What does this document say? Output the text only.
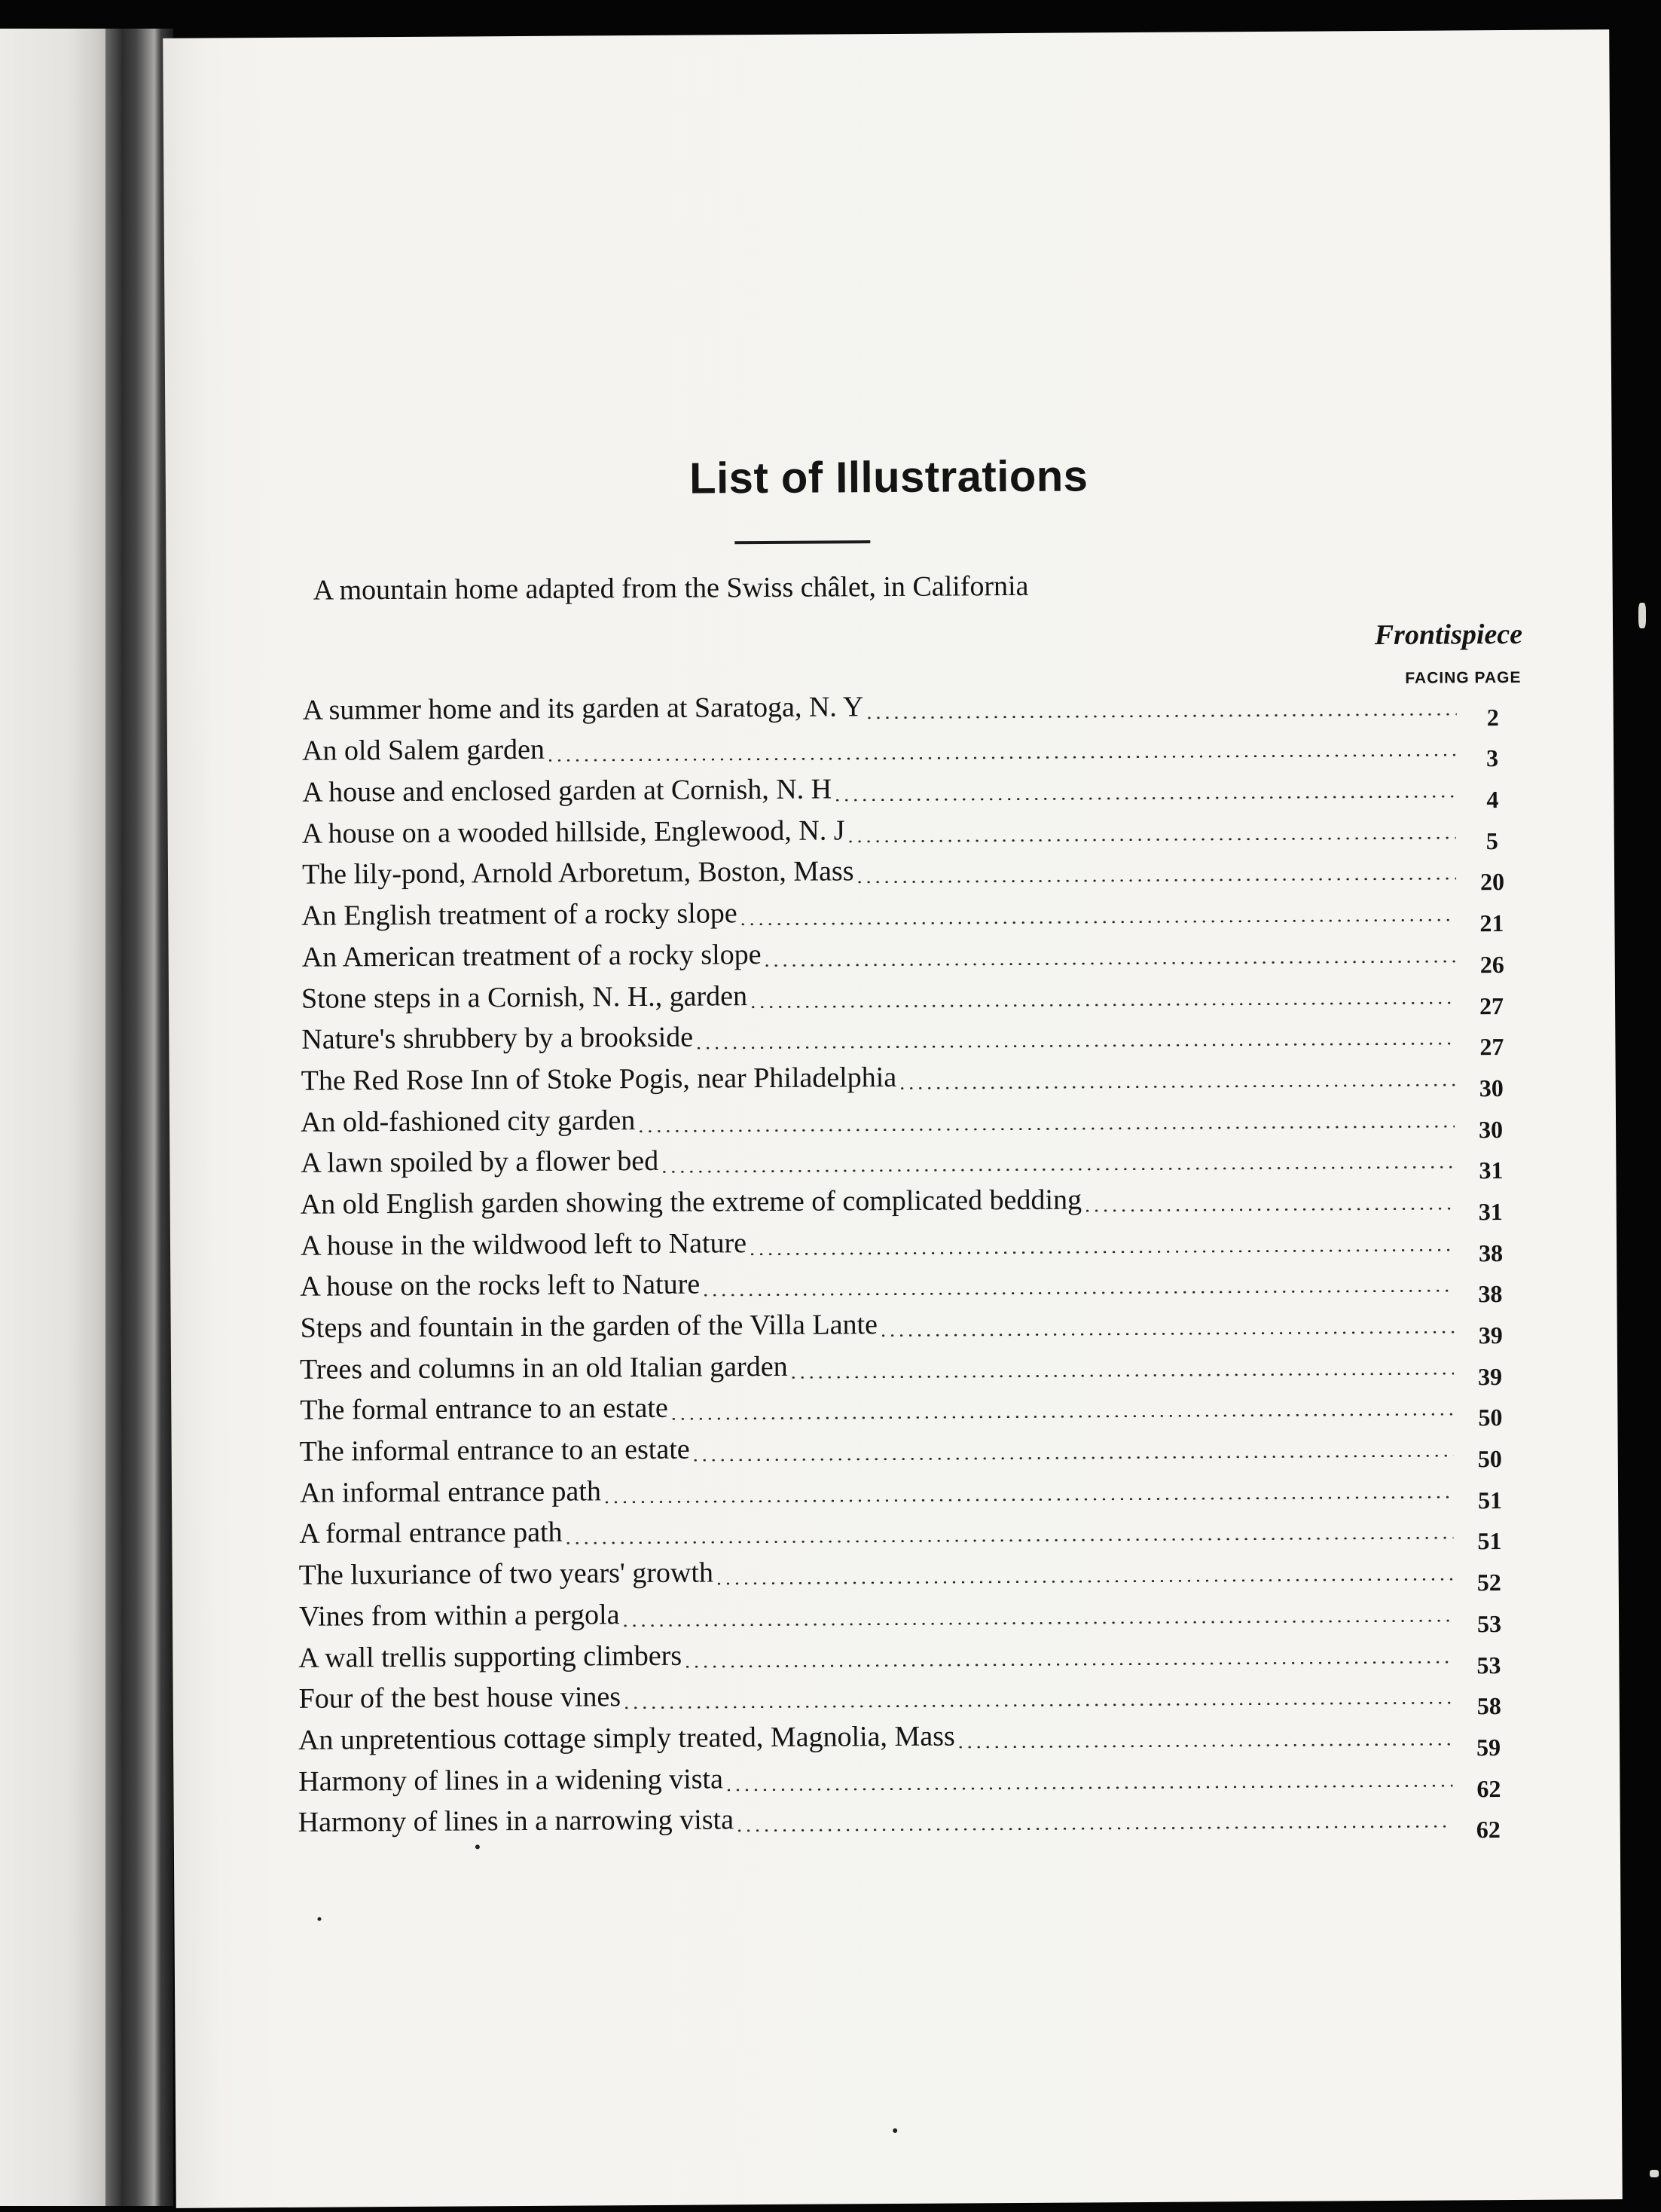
List of Illustrations
A mountain home adapted from the Swiss châlet, in California
Frontispiece
FACING PAGE
A summer home and its garden at Saratoga, N. Y . . .	2
An old Salem garden . . .	3
A house and enclosed garden at Cornish, N. H . . .	4
A house on a wooded hillside, Englewood, N. J . . .	5
The lily-pond, Arnold Arboretum, Boston, Mass . . .	20
An English treatment of a rocky slope . . .	21
An American treatment of a rocky slope . . .	26
Stone steps in a Cornish, N. H., garden . . .	27
Nature's shrubbery by a brookside . . .	27
The Red Rose Inn of Stoke Pogis, near Philadelphia . . .	30
An old-fashioned city garden . . .	30
A lawn spoiled by a flower bed . . .	31
An old English garden showing the extreme of complicated bedding . . .	31
A house in the wildwood left to Nature . . .	38
A house on the rocks left to Nature . . .	38
Steps and fountain in the garden of the Villa Lante . . .	39
Trees and columns in an old Italian garden . . .	39
The formal entrance to an estate . . .	50
The informal entrance to an estate . . .	50
An informal entrance path . . .	51
A formal entrance path . . .	51
The luxuriance of two years' growth . . .	52
Vines from within a pergola . . .	53
A wall trellis supporting climbers . . .	53
Four of the best house vines . . .	58
An unpretentious cottage simply treated, Magnolia, Mass . . .	59
Harmony of lines in a widening vista . . .	62
Harmony of lines in a narrowing vista . . .	62
